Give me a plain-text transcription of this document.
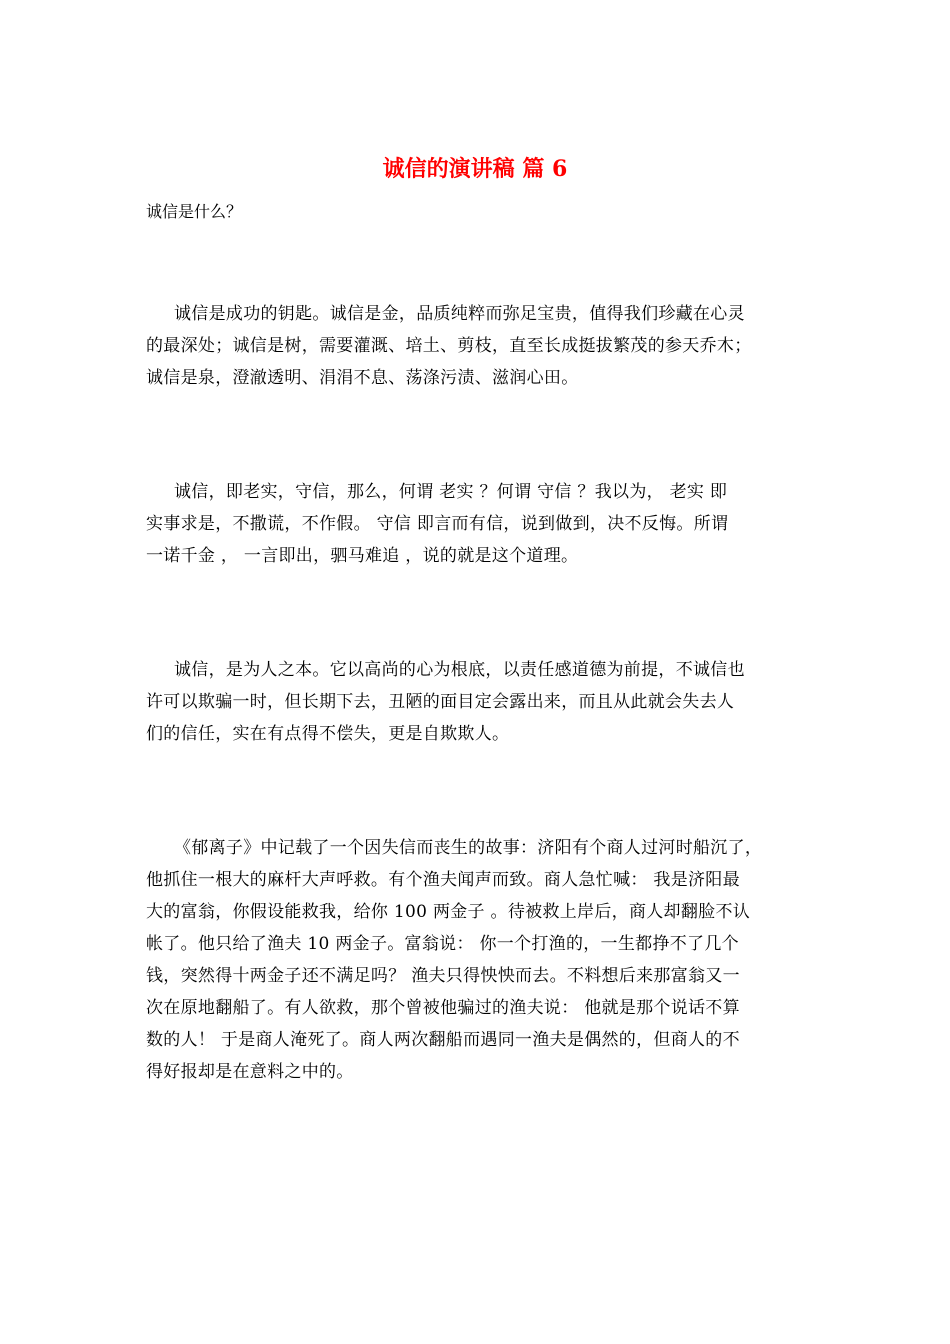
诚信的演讲稿 篇 6
诚信是什么？
诚信是成功的钥匙。诚信是金，品质纯粹而弥足宝贵，值得我们珍藏在心灵
的最深处；诚信是树，需要灌溉、培土、剪枝，直至长成挺拔繁茂的参天乔木；
诚信是泉，澄澈透明、涓涓不息、荡涤污渍、滋润心田。
诚信，即老实，守信，那么，何谓 老实 ？何谓 守信 ？我以为， 老实 即
实事求是，不撒谎，不作假。 守信 即言而有信，说到做到，决不反悔。所谓
一诺千金 ， 一言即出，驷马难追 ，说的就是这个道理。
诚信，是为人之本。它以高尚的心为根底，以责任感道德为前提，不诚信也
许可以欺骗一时，但长期下去，丑陋的面目定会露出来，而且从此就会失去人
们的信任，实在有点得不偿失，更是自欺欺人。
《郁离子》中记载了一个因失信而丧生的故事：济阳有个商人过河时船沉了，
他抓住一根大的麻杆大声呼救。有个渔夫闻声而致。商人急忙喊： 我是济阳最
大的富翁，你假设能救我，给你 100 两金子 。待被救上岸后，商人却翻脸不认
帐了。他只给了渔夫 10 两金子。富翁说： 你一个打渔的，一生都挣不了几个
钱，突然得十两金子还不满足吗？ 渔夫只得怏怏而去。不料想后来那富翁又一
次在原地翻船了。有人欲救，那个曾被他骗过的渔夫说： 他就是那个说话不算
数的人！ 于是商人淹死了。商人两次翻船而遇同一渔夫是偶然的，但商人的不
得好报却是在意料之中的。
